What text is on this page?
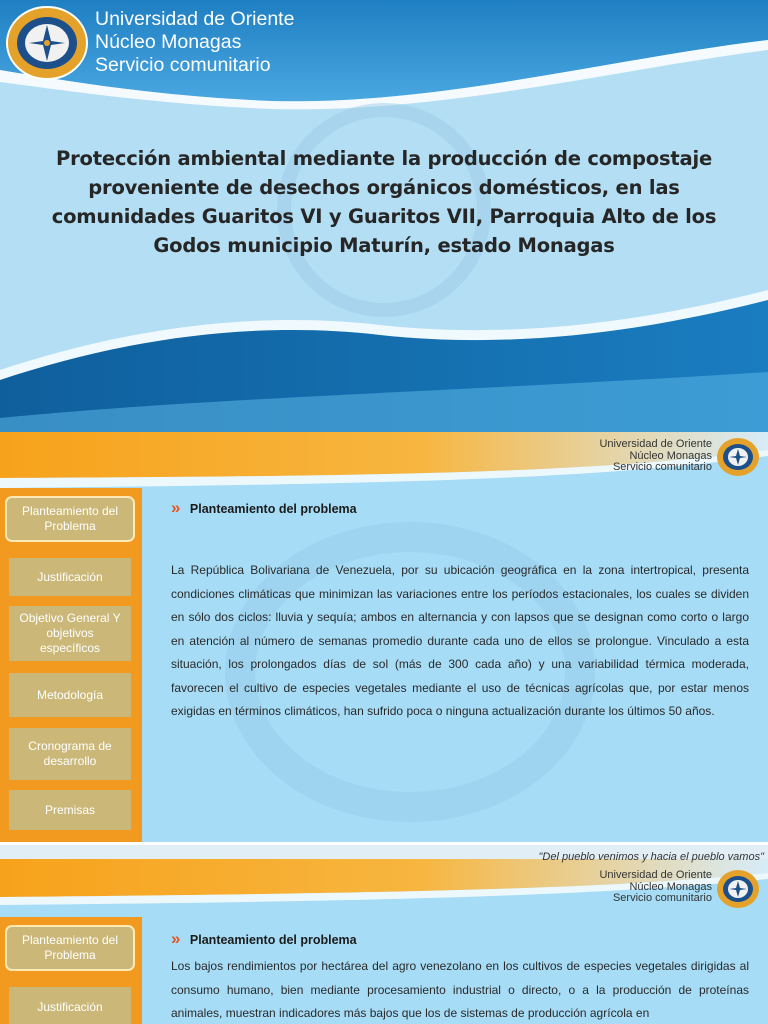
Universidad de Oriente
Núcleo Monagas
Servicio comunitario
Protección ambiental mediante la producción de compostaje
proveniente de desechos orgánicos domésticos, en las
comunidades Guaritos VI y Guaritos VII, Parroquia Alto de los
Godos municipio Maturín, estado Monagas
Universidad de Oriente
Núcleo Monagas
Servicio comunitario
Planteamiento del Problema
Justificación
Objetivo General Y objetivos específicos
Metodología
Cronograma de desarrollo
Premisas
» Planteamiento del problema
La República Bolivariana de Venezuela, por su ubicación geográfica en la zona intertropical, presenta condiciones climáticas que minimizan las variaciones entre los períodos estacionales, los cuales se dividen en sólo dos ciclos: lluvia y sequía; ambos en alternancia y con lapsos que se designan como corto o largo en atención al número de semanas promedio durante cada uno de ellos se prolongue. Vinculado a esta situación, los prolongados días de sol (más de 300 cada año) y una variabilidad térmica moderada, favorecen el cultivo de especies vegetales mediante el uso de técnicas agrícolas que, por estar menos exigidas en términos climáticos, han sufrido poca o ninguna actualización durante los últimos 50 años.
"Del pueblo venimos y hacia el pueblo vamos"
Universidad de Oriente
Núcleo Monagas
Servicio comunitario
Planteamiento del Problema
Justificación
» Planteamiento del problema
Los bajos rendimientos por hectárea del agro venezolano en los cultivos de especies vegetales dirigidas al consumo humano, bien mediante procesamiento industrial o directo, o a la producción de proteínas animales, muestran indicadores más bajos que los de sistemas de producción agrícola en
